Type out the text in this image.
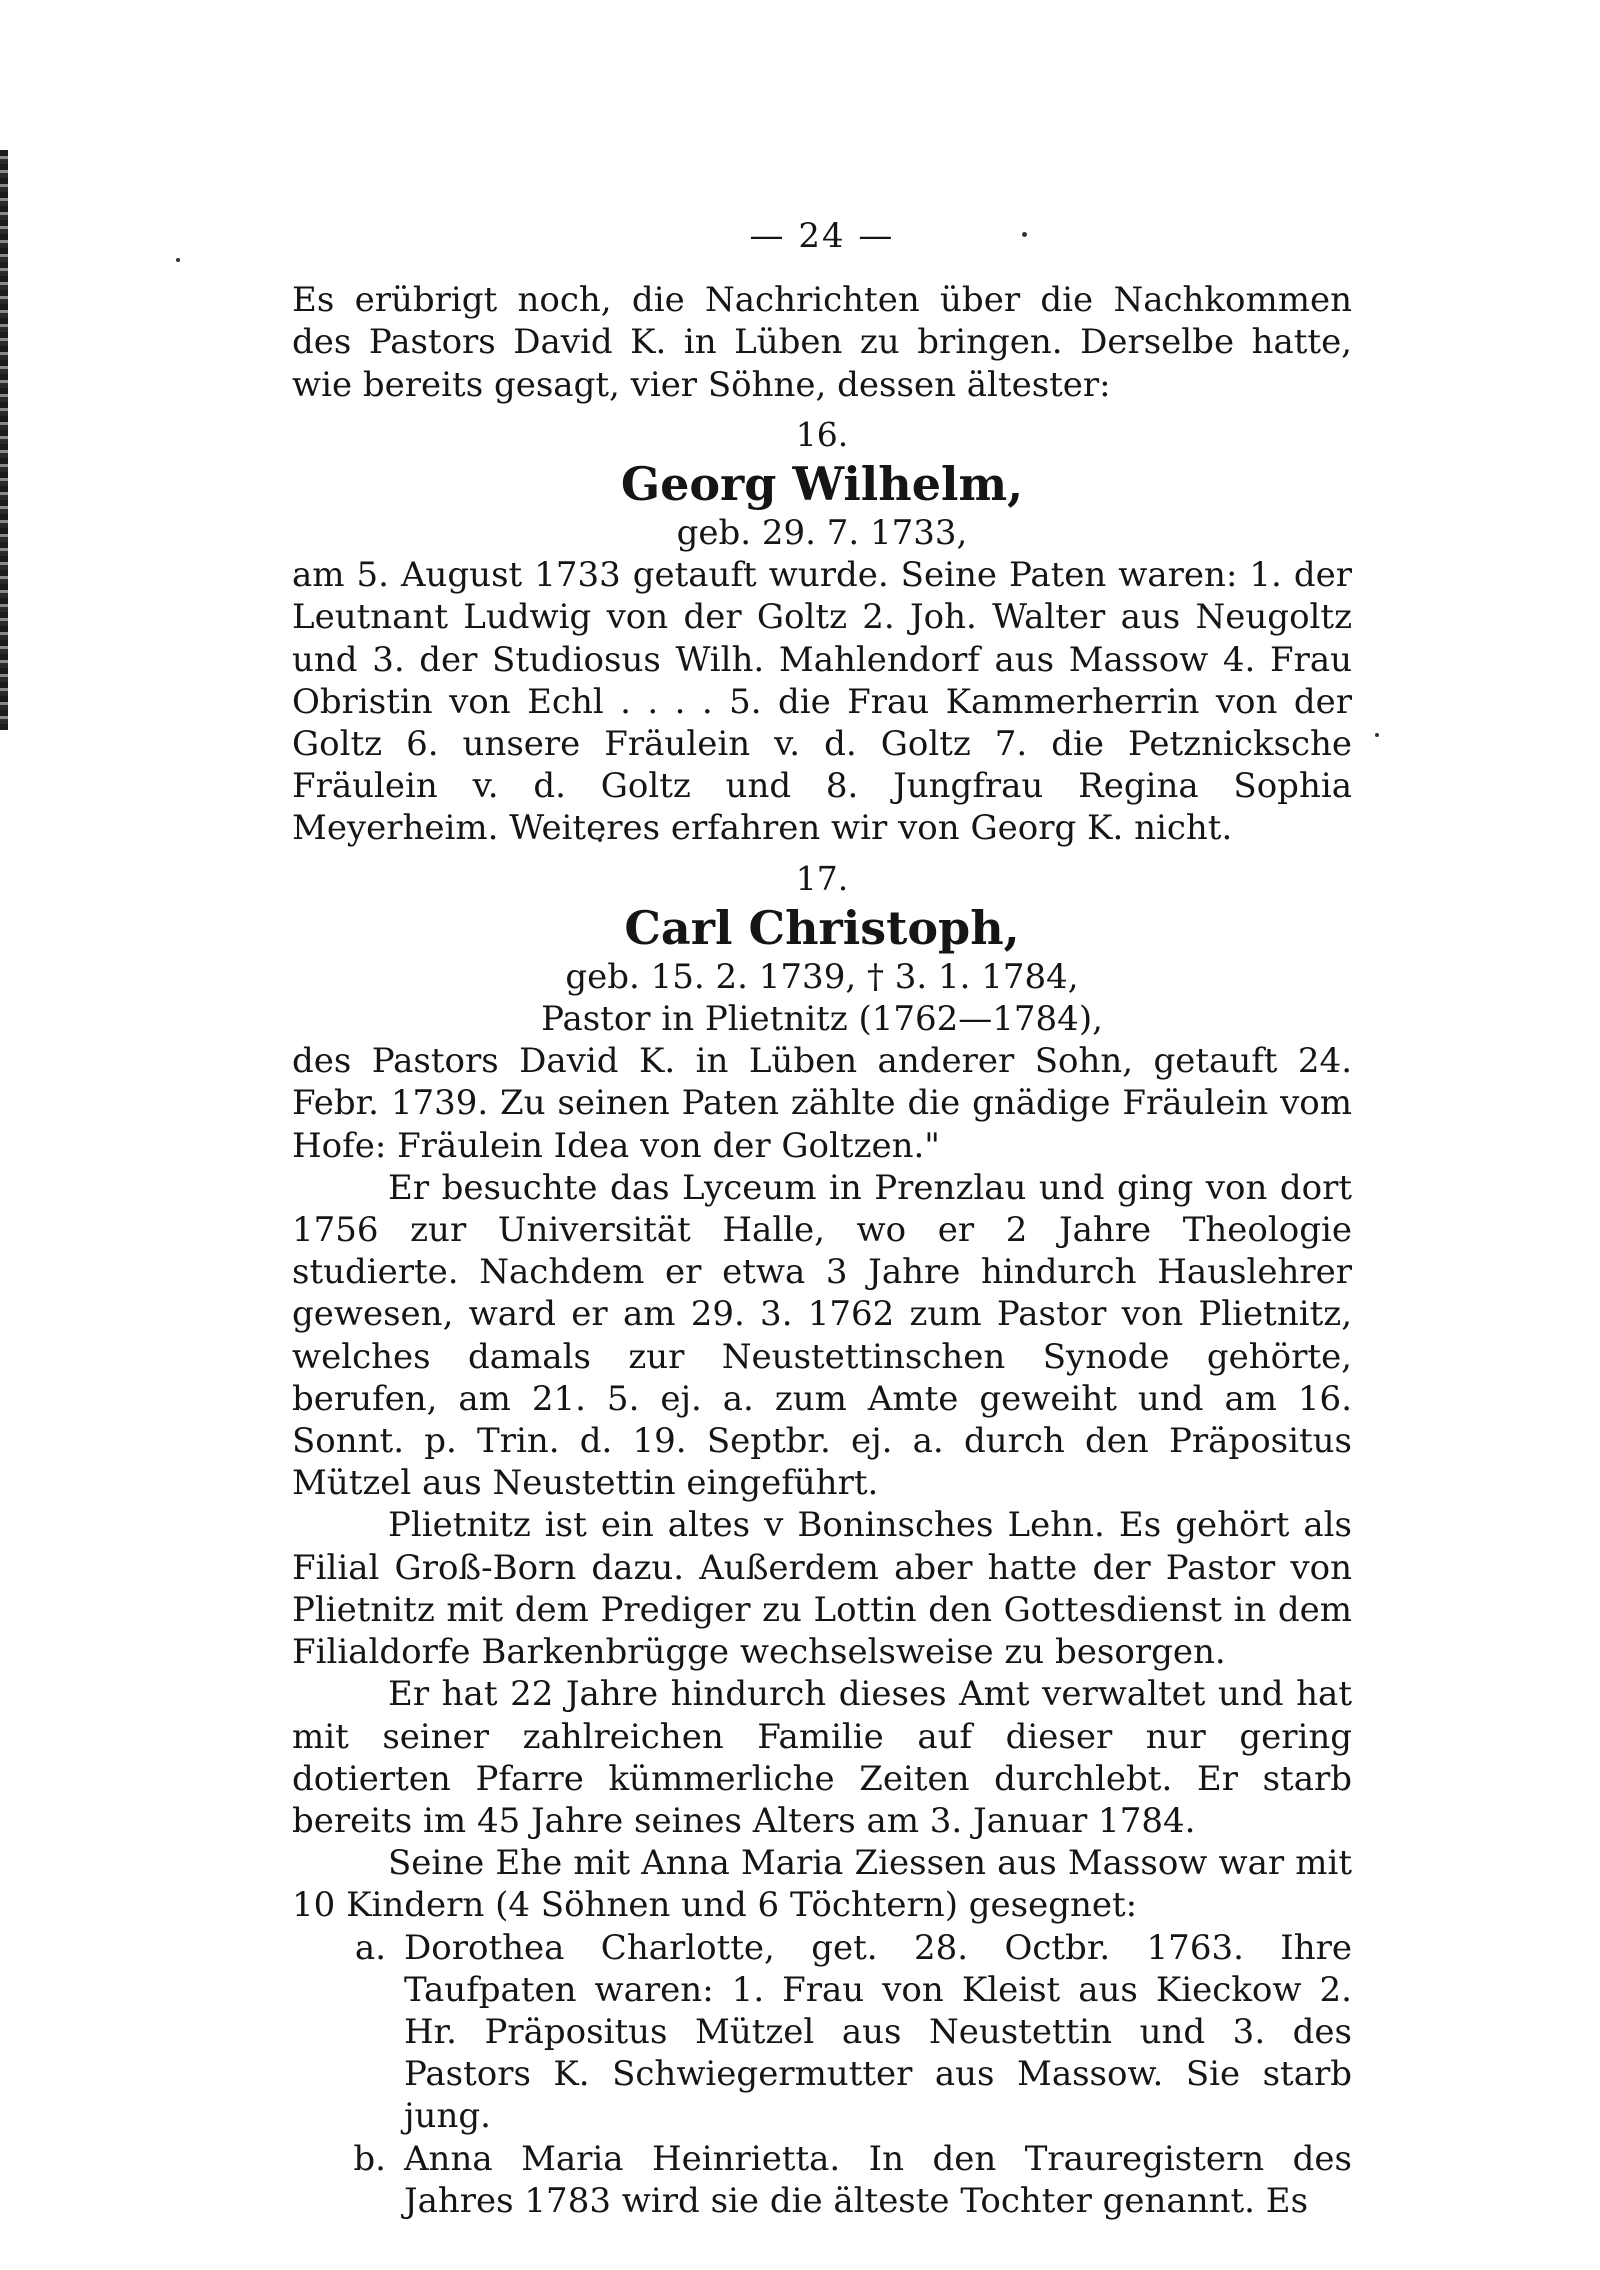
— 24 —

Es erübrigt noch, die Nachrichten über die Nachkommen des Pastors David K. in Lüben zu bringen. Derselbe hatte, wie bereits gesagt, vier Söhne, dessen ältester:

16.
Georg Wilhelm,
geb. 29. 7. 1733,

am 5. August 1733 getauft wurde. Seine Paten waren: 1. der Leutnant Ludwig von der Goltz 2. Joh. Walter aus Neugoltz und 3. der Studiosus Wilh. Mahlendorf aus Massow 4. Frau Obristin von Echl . . . . 5. die Frau Kammerherrin von der Goltz 6. unsere Fräulein v. d. Goltz 7. die Petznicksche Fräulein v. d. Goltz und 8. Jungfrau Regina Sophia Meyerheim. Weiteres erfahren wir von Georg K. nicht.

17.
Carl Christoph,
geb. 15. 2. 1739, † 3. 1. 1784,
Pastor in Plietnitz (1762—1784),

des Pastors David K. in Lüben anderer Sohn, getauft 24. Febr. 1739. Zu seinen Paten zählte die gnädige Fräulein vom Hofe: Fräulein Idea von der Goltzen."

Er besuchte das Lyceum in Prenzlau und ging von dort 1756 zur Universität Halle, wo er 2 Jahre Theologie studierte. Nachdem er etwa 3 Jahre hindurch Hauslehrer gewesen, ward er am 29. 3. 1762 zum Pastor von Plietnitz, welches damals zur Neustettinschen Synode gehörte, berufen, am 21. 5. ej. a. zum Amte geweiht und am 16. Sonnt. p. Trin. d. 19. Septbr. ej. a. durch den Präpositus Mützel aus Neustettin eingeführt.

Plietnitz ist ein altes v Boninsches Lehn. Es gehört als Filial Groß-Born dazu. Außerdem aber hatte der Pastor von Plietnitz mit dem Prediger zu Lottin den Gottesdienst in dem Filialdorfe Barkenbrügge wechselsweise zu besorgen.

Er hat 22 Jahre hindurch dieses Amt verwaltet und hat mit seiner zahlreichen Familie auf dieser nur gering dotierten Pfarre kümmerliche Zeiten durchlebt. Er starb bereits im 45 Jahre seines Alters am 3. Januar 1784.

Seine Ehe mit Anna Maria Ziessen aus Massow war mit 10 Kindern (4 Söhnen und 6 Töchtern) gesegnet:

a. Dorothea Charlotte, get. 28. Octbr. 1763. Ihre Taufpaten waren: 1. Frau von Kleist aus Kieckow 2. Hr. Präpositus Mützel aus Neustettin und 3. des Pastors K. Schwiegermutter aus Massow. Sie starb jung.
b. Anna Maria Heinrietta. In den Trauregistern des Jahres 1783 wird sie die älteste Tochter genannt. Es
